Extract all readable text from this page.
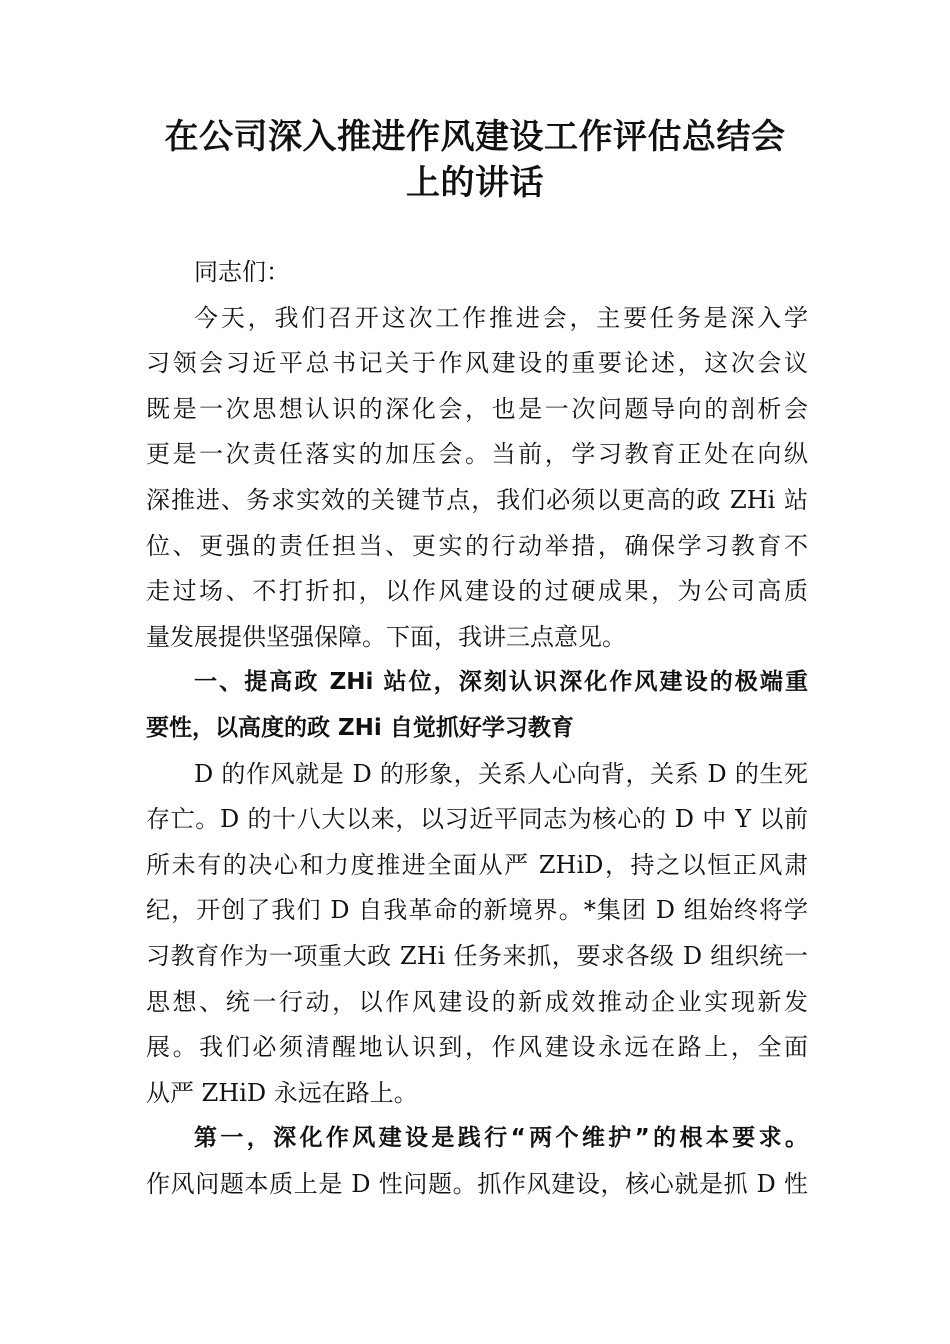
在公司深入推进作风建设工作评估总结会
上的讲话
同志们：
今天，我们召开这次工作推进会，主要任务是深入学
习领会习近平总书记关于作风建设的重要论述，这次会议
既是一次思想认识的深化会，也是一次问题导向的剖析会
更是一次责任落实的加压会。当前，学习教育正处在向纵
深推进、务求实效的关键节点，我们必须以更高的政 ZHi 站
位、更强的责任担当、更实的行动举措，确保学习教育不
走过场、不打折扣，以作风建设的过硬成果，为公司高质
量发展提供坚强保障。下面，我讲三点意见。
一、提高政 ZHi 站位，深刻认识深化作风建设的极端重
要性，以高度的政 ZHi 自觉抓好学习教育
D 的作风就是 D 的形象，关系人心向背，关系 D 的生死
存亡。D 的十八大以来，以习近平同志为核心的 D 中 Y 以前
所未有的决心和力度推进全面从严 ZHiD，持之以恒正风肃
纪，开创了我们 D 自我革命的新境界。*集团 D 组始终将学
习教育作为一项重大政 ZHi 任务来抓，要求各级 D 组织统一
思想、统一行动，以作风建设的新成效推动企业实现新发
展。我们必须清醒地认识到，作风建设永远在路上，全面
从严 ZHiD 永远在路上。
第一，深化作风建设是践行“两个维护”的根本要求。
作风问题本质上是 D 性问题。抓作风建设，核心就是抓 D 性
